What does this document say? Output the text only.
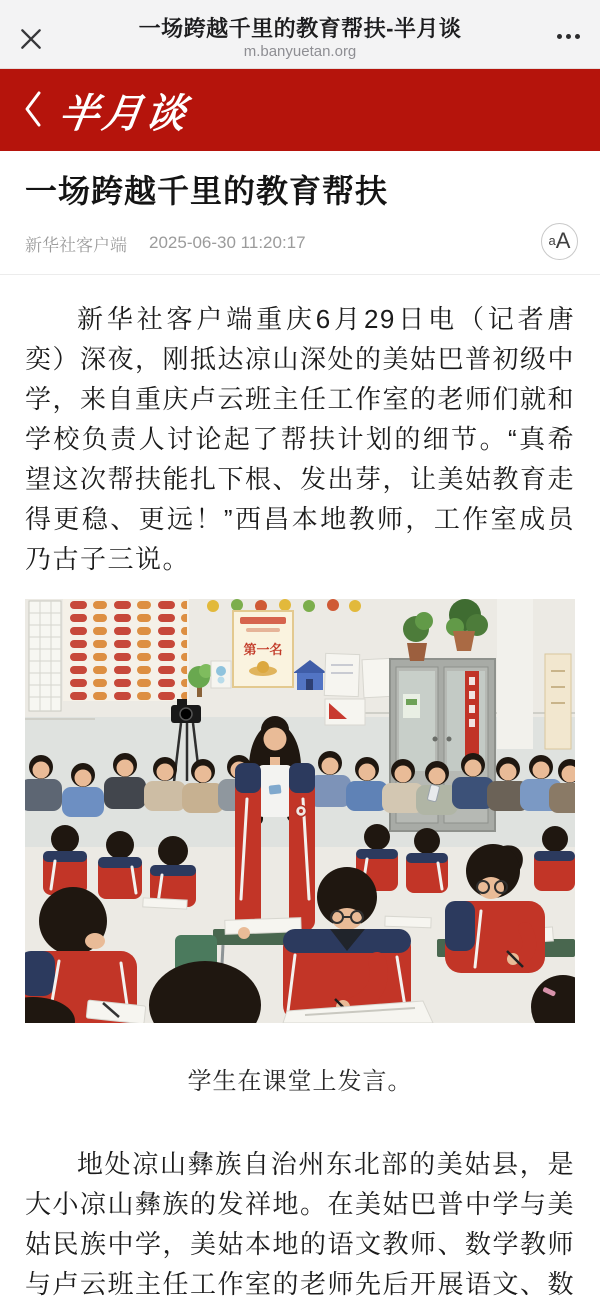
一场跨越千里的教育帮扶-半月谈
m.banyuetan.org
半月谈
一场跨越千里的教育帮扶
新华社客户端 2025-06-30 11:20:17	a A

新华社客户端重庆6月29日电（记者唐奕）深夜，刚抵达凉山深处的美姑巴普初级中学，来自重庆卢云班主任工作室的老师们就和学校负责人讨论起了帮扶计划的细节。“真希望这次帮扶能扎下根、发出芽，让美姑教育走得更稳、更远！”西昌本地教师，工作室成员乃古子三说。

第一名
学生在课堂上发言。

地处凉山彝族自治州东北部的美姑县，是大小凉山彝族的发祥地。在美姑巴普中学与美姑民族中学，美姑本地的语文教师、数学教师与卢云班主任工作室的老师先后开展语文、数
